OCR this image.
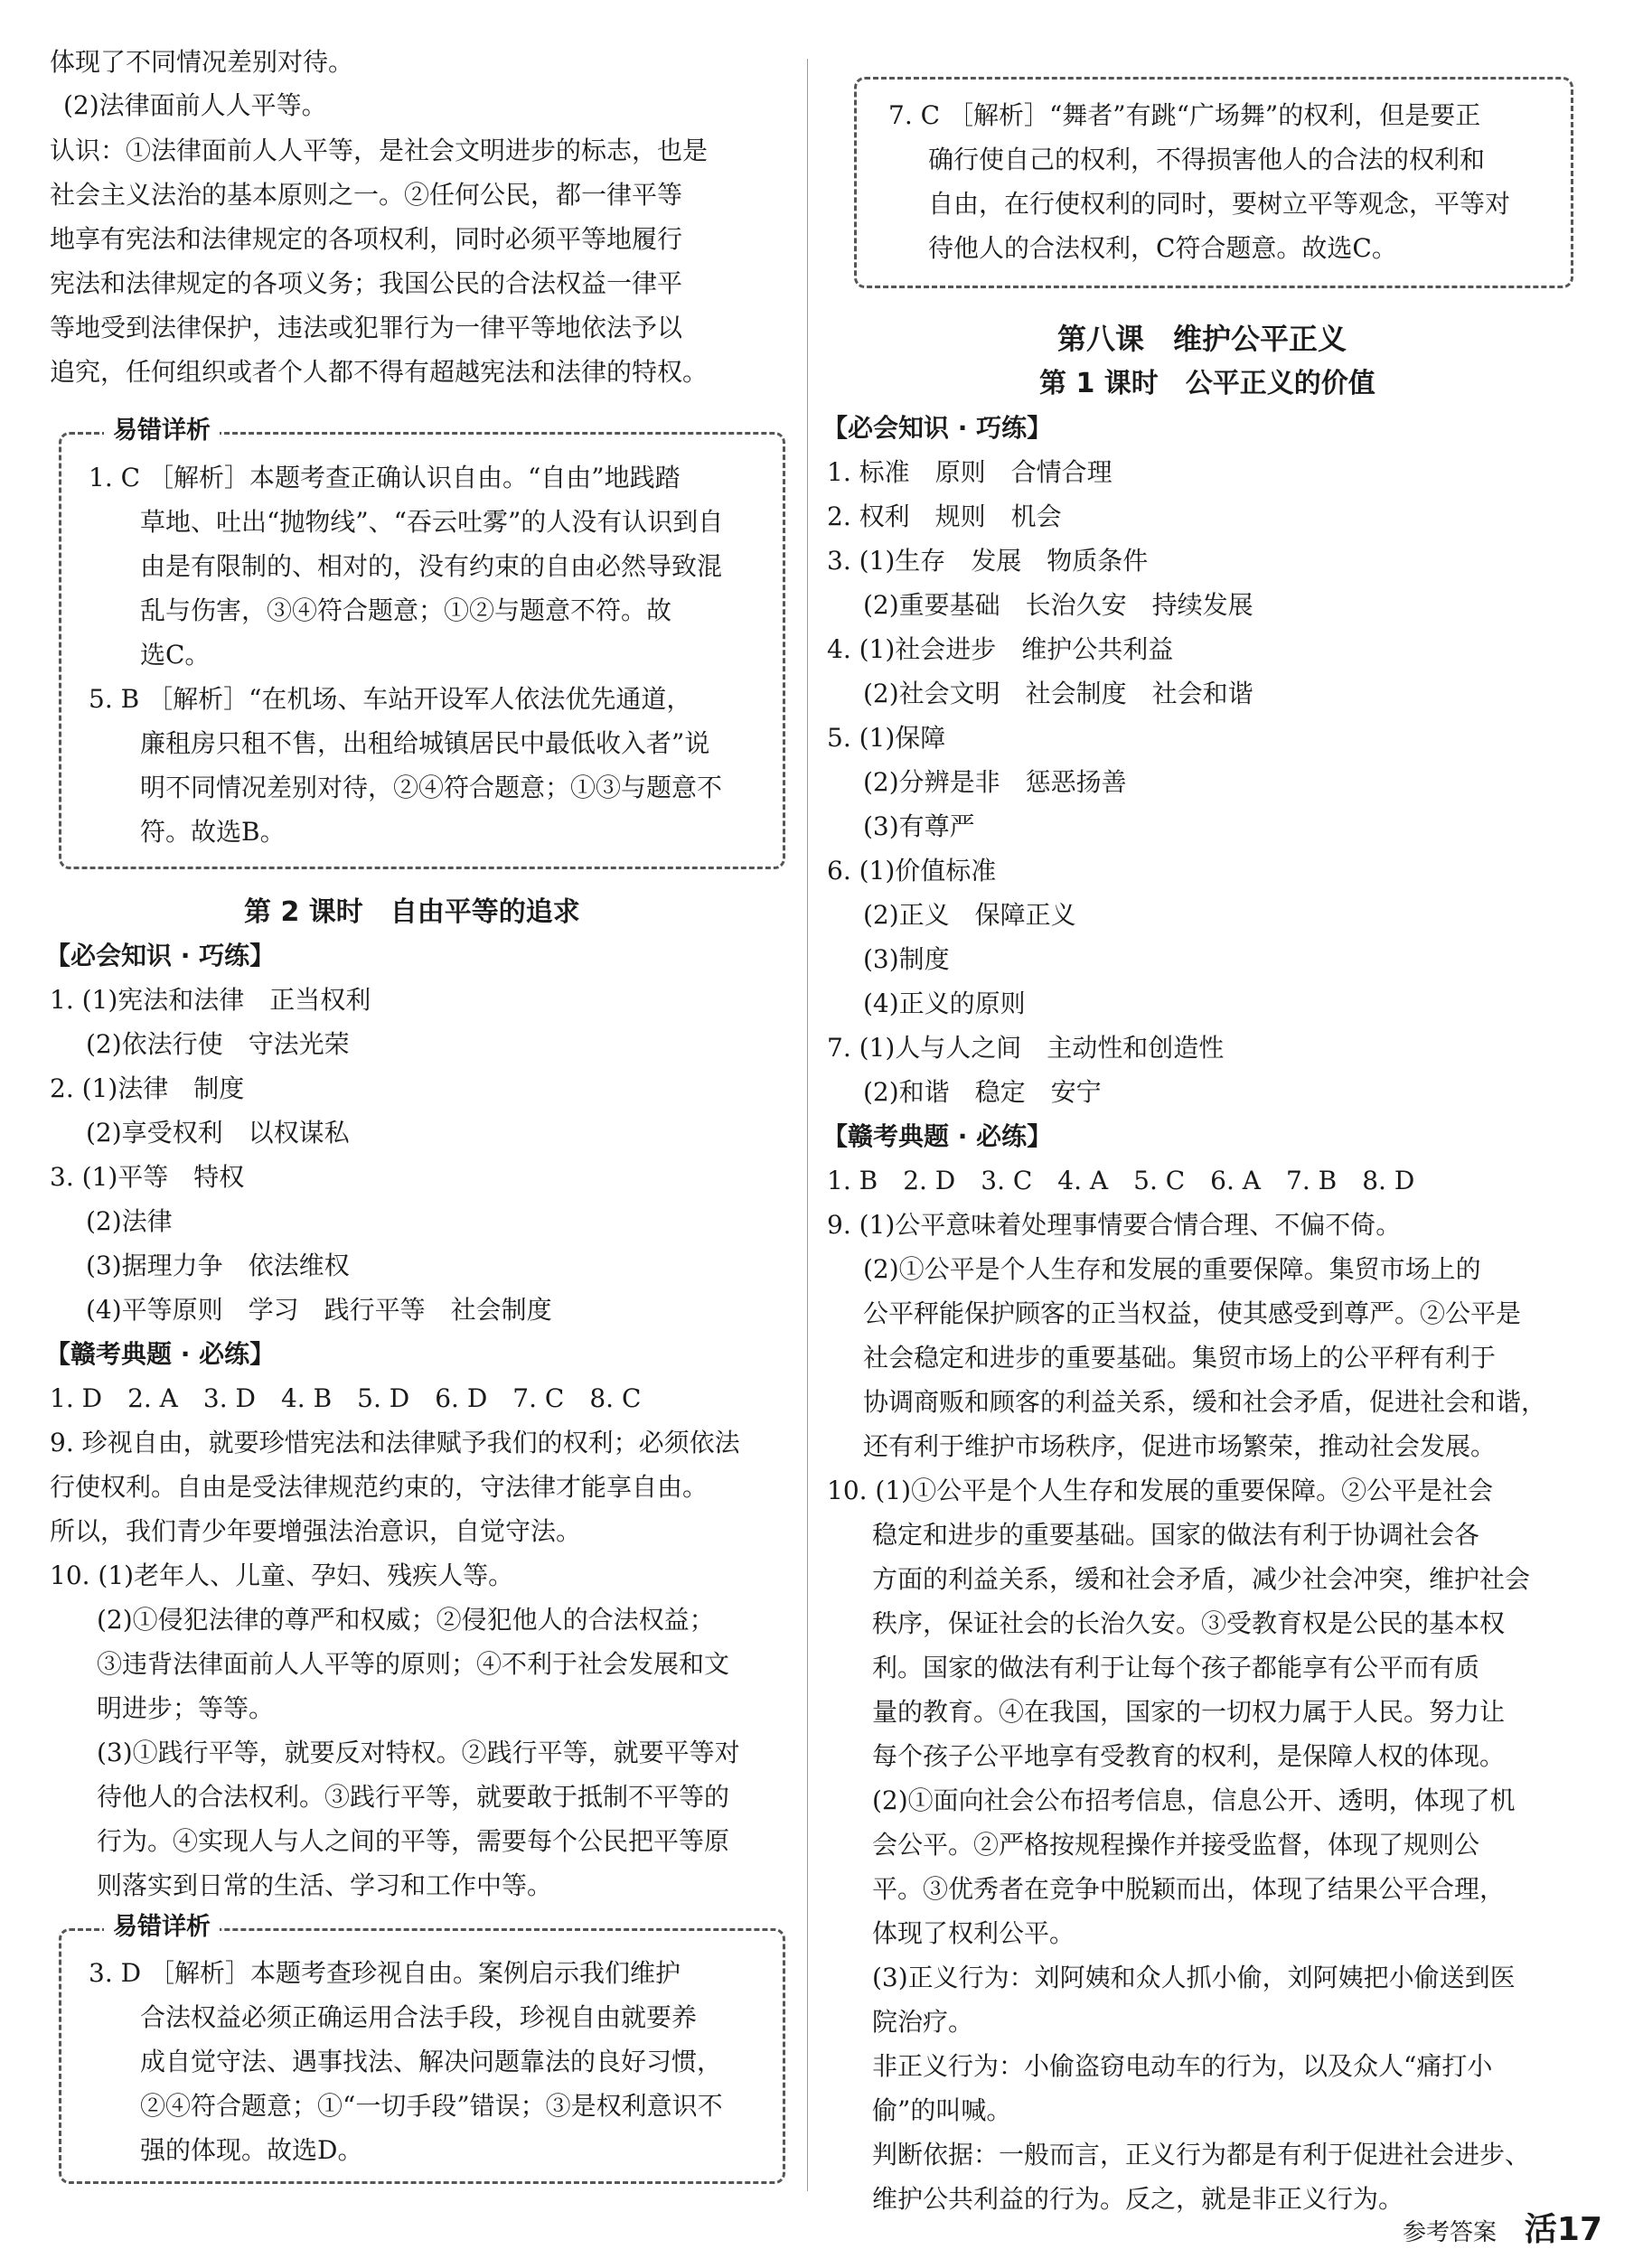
体现了不同情况差别对待。
(2)法律面前人人平等。
认识：①法律面前人人平等，是社会文明进步的标志，也是
社会主义法治的基本原则之一。②任何公民，都一律平等
地享有宪法和法律规定的各项权利，同时必须平等地履行
宪法和法律规定的各项义务；我国公民的合法权益一律平
等地受到法律保护，违法或犯罪行为一律平等地依法予以
追究，任何组织或者个人都不得有超越宪法和法律的特权。
易错详析
1. C ［解析］本题考查正确认识自由。“自由”地践踏
草地、吐出“抛物线”、“吞云吐雾”的人没有认识到自
由是有限制的、相对的，没有约束的自由必然导致混
乱与伤害，③④符合题意；①②与题意不符。故
选C。
5. B ［解析］“在机场、车站开设军人依法优先通道，
廉租房只租不售，出租给城镇居民中最低收入者”说
明不同情况差别对待，②④符合题意；①③与题意不
符。故选B。
第 2 课时　自由平等的追求
【必会知识 · 巧练】
1. (1)宪法和法律　正当权利
(2)依法行使　守法光荣
2. (1)法律　制度
(2)享受权利　以权谋私
3. (1)平等　特权
(2)法律
(3)据理力争　依法维权
(4)平等原则　学习　践行平等　社会制度
【赣考典题 · 必练】
1. D　2. A　3. D　4. B　5. D　6. D　7. C　8. C
9. 珍视自由，就要珍惜宪法和法律赋予我们的权利；必须依法
行使权利。自由是受法律规范约束的，守法律才能享自由。
所以，我们青少年要增强法治意识，自觉守法。
10. (1)老年人、儿童、孕妇、残疾人等。
(2)①侵犯法律的尊严和权威；②侵犯他人的合法权益；
③违背法律面前人人平等的原则；④不利于社会发展和文
明进步；等等。
(3)①践行平等，就要反对特权。②践行平等，就要平等对
待他人的合法权利。③践行平等，就要敢于抵制不平等的
行为。④实现人与人之间的平等，需要每个公民把平等原
则落实到日常的生活、学习和工作中等。
易错详析
3. D ［解析］本题考查珍视自由。案例启示我们维护
合法权益必须正确运用合法手段，珍视自由就要养
成自觉守法、遇事找法、解决问题靠法的良好习惯，
②④符合题意；①“一切手段”错误；③是权利意识不
强的体现。故选D。
7. C ［解析］“舞者”有跳“广场舞”的权利，但是要正
确行使自己的权利，不得损害他人的合法的权利和
自由，在行使权利的同时，要树立平等观念，平等对
待他人的合法权利，C符合题意。故选C。
第八课　维护公平正义
第 1 课时　公平正义的价值
【必会知识 · 巧练】
1. 标准　原则　合情合理
2. 权利　规则　机会
3. (1)生存　发展　物质条件
(2)重要基础　长治久安　持续发展
4. (1)社会进步　维护公共利益
(2)社会文明　社会制度　社会和谐
5. (1)保障
(2)分辨是非　惩恶扬善
(3)有尊严
6. (1)价值标准
(2)正义　保障正义
(3)制度
(4)正义的原则
7. (1)人与人之间　主动性和创造性
(2)和谐　稳定　安宁
【赣考典题 · 必练】
1. B　2. D　3. C　4. A　5. C　6. A　7. B　8. D
9. (1)公平意味着处理事情要合情合理、不偏不倚。
(2)①公平是个人生存和发展的重要保障。集贸市场上的
公平秤能保护顾客的正当权益，使其感受到尊严。②公平是
社会稳定和进步的重要基础。集贸市场上的公平秤有利于
协调商贩和顾客的利益关系，缓和社会矛盾，促进社会和谐，
还有利于维护市场秩序，促进市场繁荣，推动社会发展。
10. (1)①公平是个人生存和发展的重要保障。②公平是社会
稳定和进步的重要基础。国家的做法有利于协调社会各
方面的利益关系，缓和社会矛盾，减少社会冲突，维护社会
秩序，保证社会的长治久安。③受教育权是公民的基本权
利。国家的做法有利于让每个孩子都能享有公平而有质
量的教育。④在我国，国家的一切权力属于人民。努力让
每个孩子公平地享有受教育的权利，是保障人权的体现。
(2)①面向社会公布招考信息，信息公开、透明，体现了机
会公平。②严格按规程操作并接受监督，体现了规则公
平。③优秀者在竞争中脱颖而出，体现了结果公平合理，
体现了权利公平。
(3)正义行为：刘阿姨和众人抓小偷，刘阿姨把小偷送到医
院治疗。
非正义行为：小偷盗窃电动车的行为，以及众人“痛打小
偷”的叫喊。
判断依据：一般而言，正义行为都是有利于促进社会进步、
维护公共利益的行为。反之，就是非正义行为。
参考答案 活17
